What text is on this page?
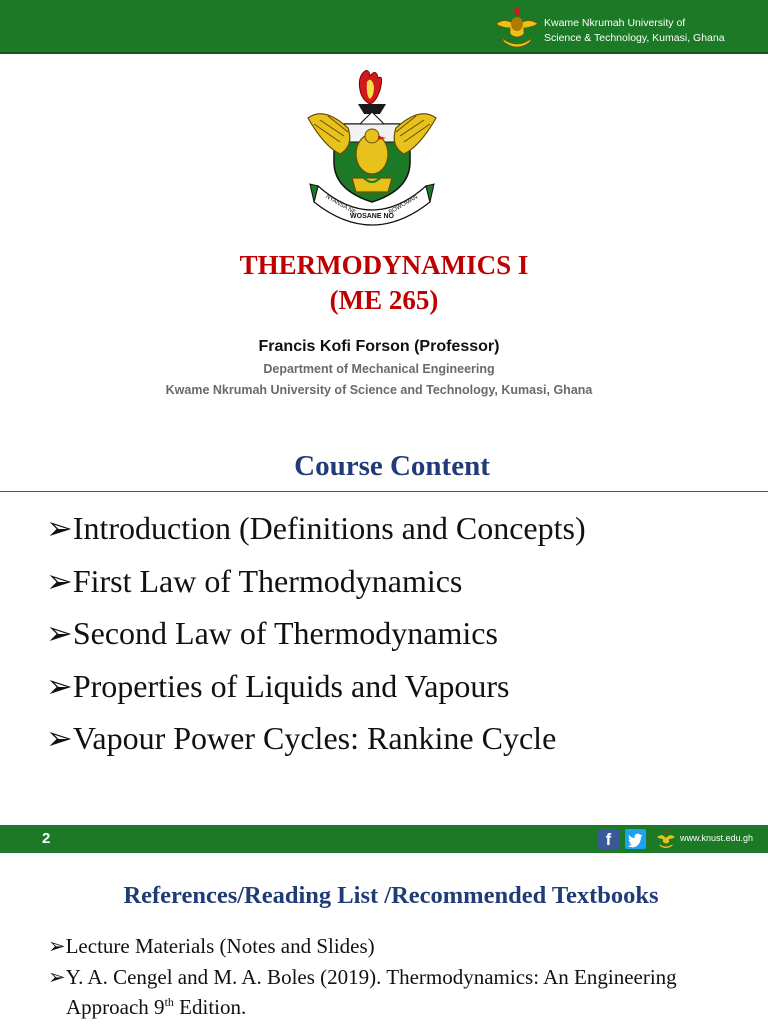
Kwame Nkrumah University of
Science & Technology, Kumasi, Ghana
WOSANE NO
NYANSA NE	BOWOMAN
THERMODYNAMICS I
(ME 265)
Francis Kofi Forson (Professor)
Department of Mechanical Engineering
Kwame Nkrumah University of Science and Technology, Kumasi, Ghana
Course Content
➢Introduction (Definitions and Concepts)
➢First Law of Thermodynamics
➢Second Law of Thermodynamics
➢Properties of Liquids and Vapours
➢Vapour Power Cycles: Rankine Cycle
2	f	www.knust.edu.gh
References/Reading List /Recommended Textbooks
➢Lecture Materials (Notes and Slides)
➢Y. A. Cengel and M. A. Boles (2019). Thermodynamics: An Engineering Approach 9th Edition.
